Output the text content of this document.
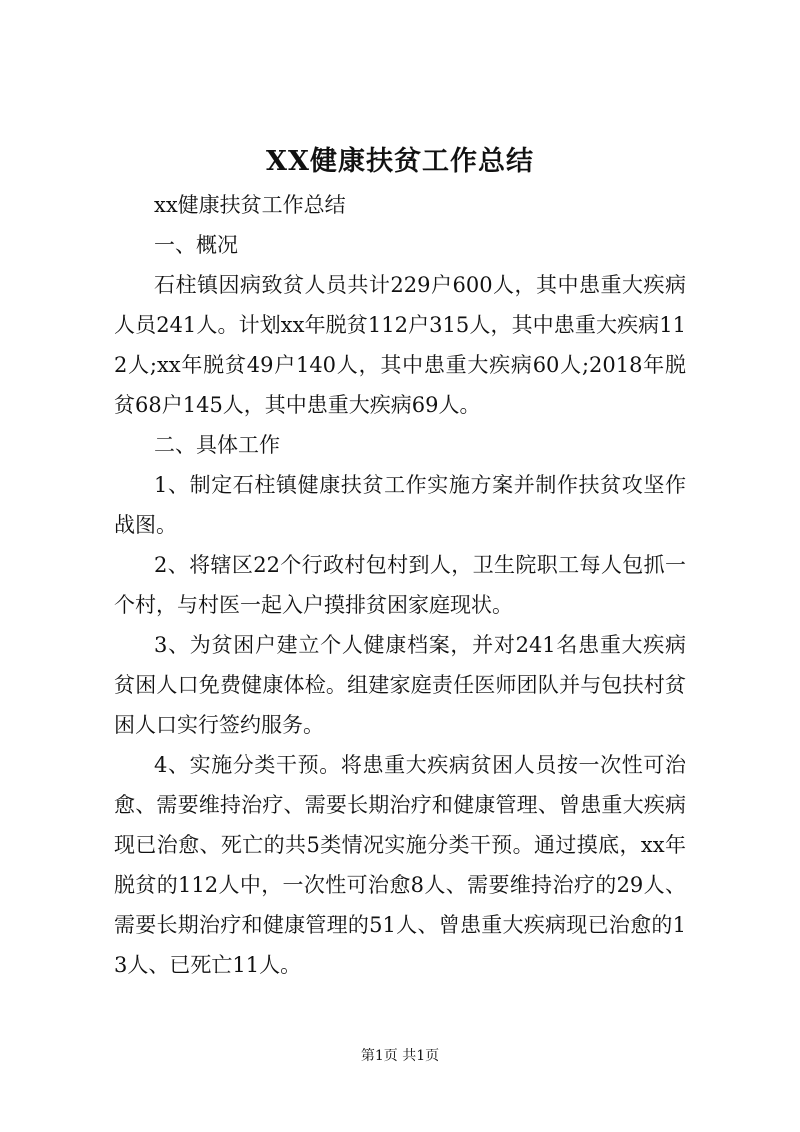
XX健康扶贫工作总结

xx健康扶贫工作总结

一、概况

石柱镇因病致贫人员共计229户600人，其中患重大疾病人员241人。计划xx年脱贫112户315人，其中患重大疾病112人;xx年脱贫49户140人，其中患重大疾病60人;2018年脱贫68户145人，其中患重大疾病69人。

二、具体工作

1、制定石柱镇健康扶贫工作实施方案并制作扶贫攻坚作战图。

2、将辖区22个行政村包村到人，卫生院职工每人包抓一个村，与村医一起入户摸排贫困家庭现状。

3、为贫困户建立个人健康档案，并对241名患重大疾病贫困人口免费健康体检。组建家庭责任医师团队并与包扶村贫困人口实行签约服务。

4、实施分类干预。将患重大疾病贫困人员按一次性可治愈、需要维持治疗、需要长期治疗和健康管理、曾患重大疾病现已治愈、死亡的共5类情况实施分类干预。通过摸底，xx年脱贫的112人中，一次性可治愈8人、需要维持治疗的29人、需要长期治疗和健康管理的51人、曾患重大疾病现已治愈的13人、已死亡11人。

第1页 共1页
